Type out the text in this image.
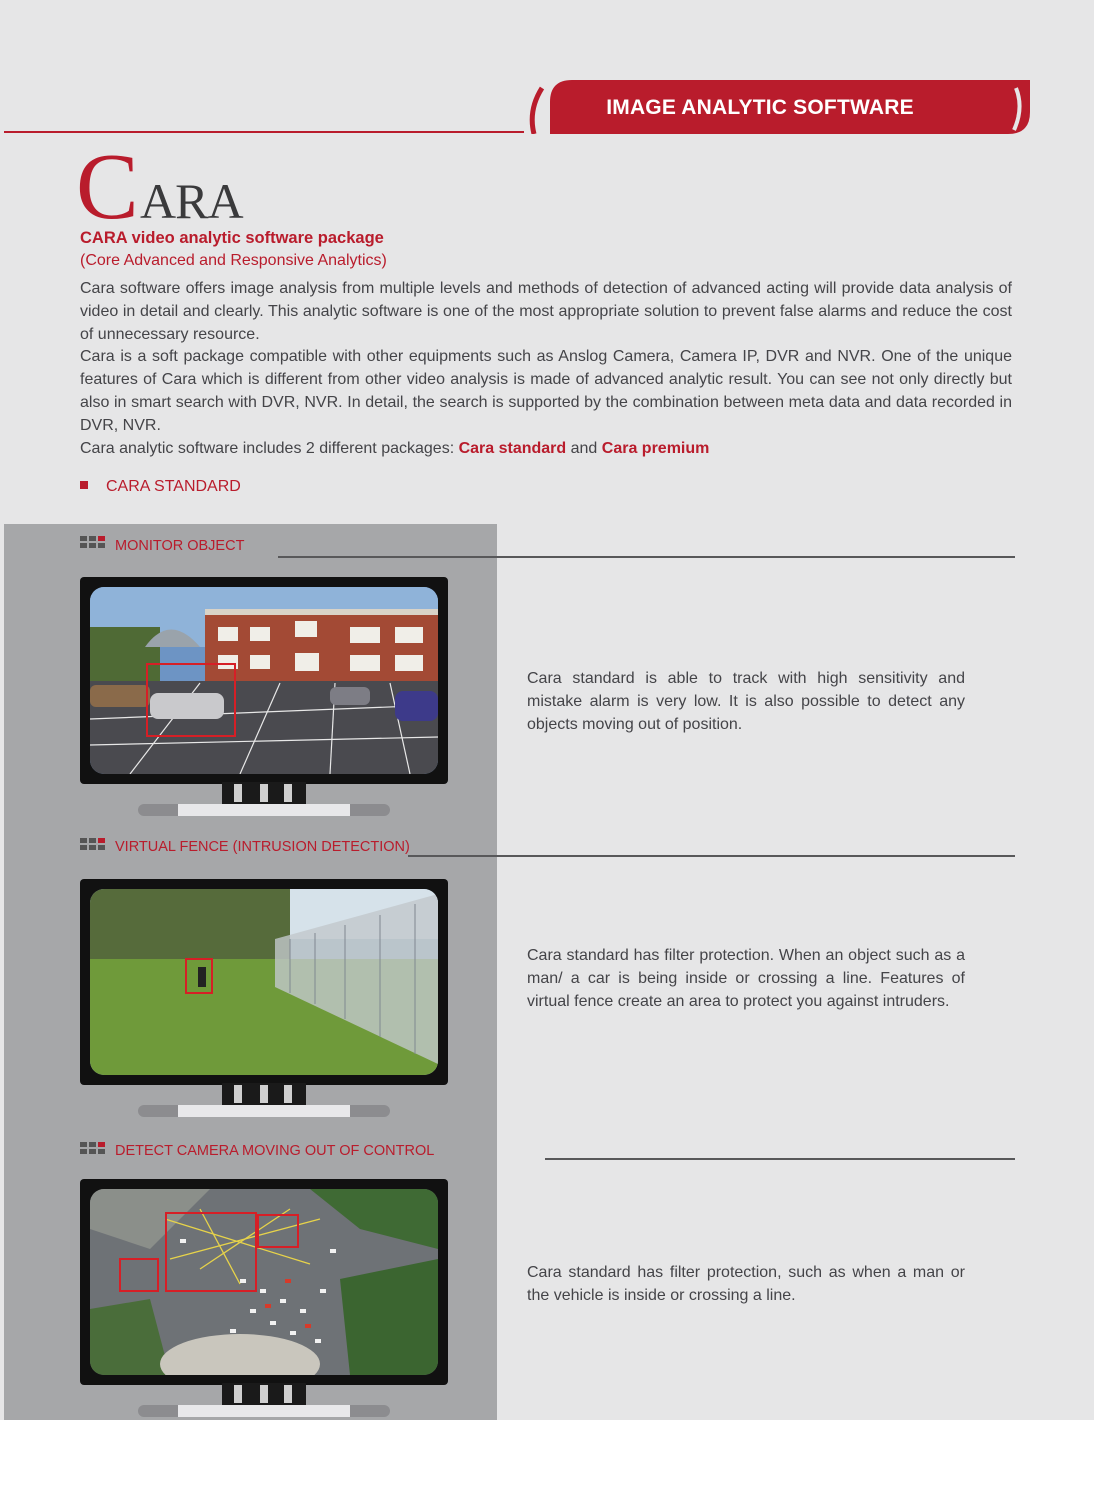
IMAGE ANALYTIC SOFTWARE
C ARA
CARA video analytic software package
(Core Advanced and Responsive Analytics)

Cara software offers image analysis from multiple levels and methods of detection of advanced acting will provide data analysis of video in detail and clearly. This analytic software is one of the most appropriate solution to prevent false alarms and reduce the cost of unnecessary resource.

Cara is a soft package compatible with other equipments such as Anslog Camera, Camera IP, DVR and NVR. One of the unique features of Cara which is different from other video analysis is made of advanced analytic result. You can see not only directly but also in smart search with DVR, NVR. In detail, the search is supported by the combination between meta data and data recorded in DVR, NVR.

Cara analytic software includes 2 different packages: Cara standard and Cara premium

CARA STANDARD
MONITOR OBJECT
Cara standard is able to track with high sensitivity and mistake alarm is very low. It is also possible to detect any objects moving out of position.
VIRTUAL FENCE (INTRUSION DETECTION)
Cara standard has filter protection. When an object such as a man/ a car is being inside or crossing a line. Features of virtual fence create an area to protect you against intruders.
DETECT CAMERA MOVING OUT OF CONTROL
Cara standard has filter protection, such as when a man or the vehicle is inside or crossing a line.
